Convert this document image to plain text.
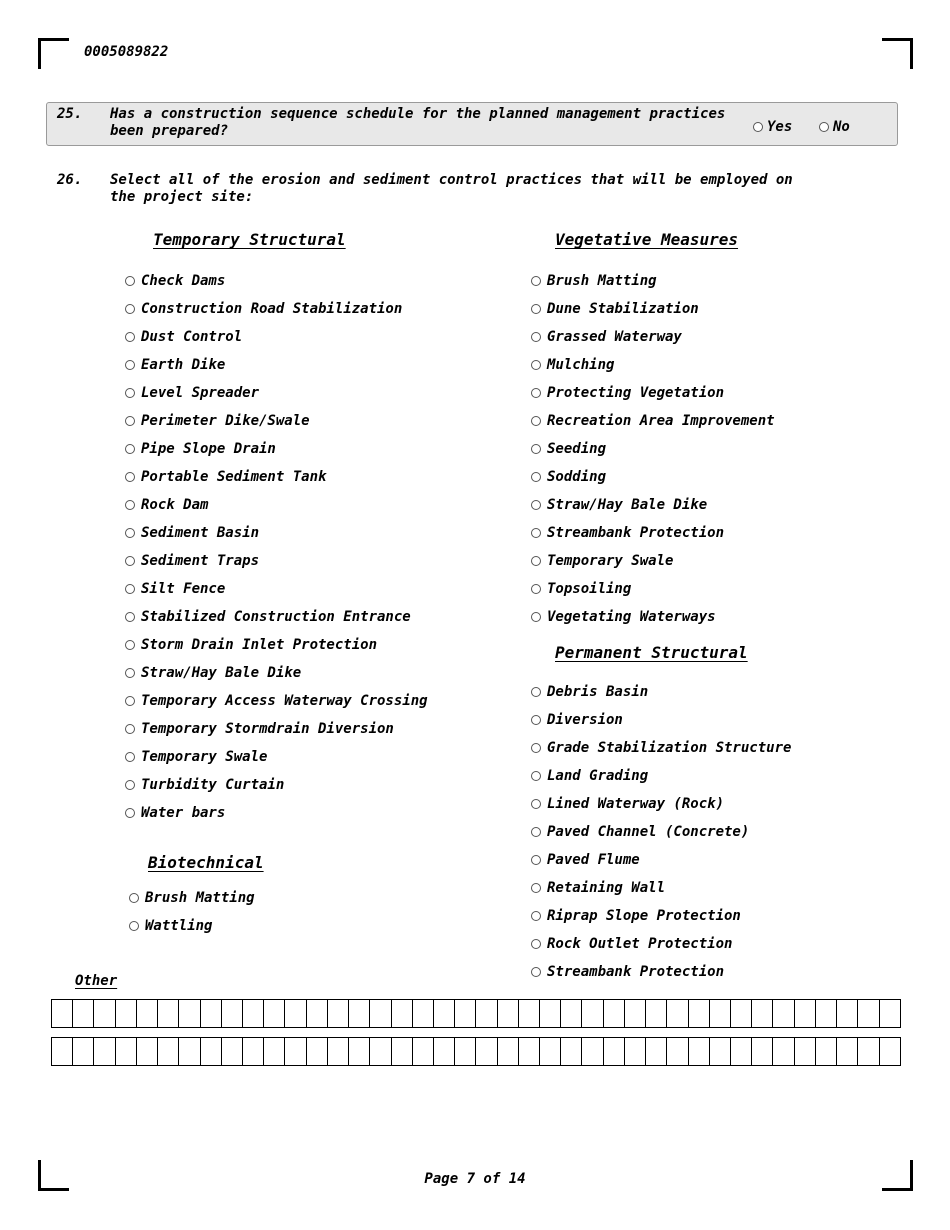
0005089822
25. Has a construction sequence schedule for the planned management practices been prepared?	Yes	No
26. Select all of the erosion and sediment control practices that will be employed on the project site:
Temporary Structural
Check Dams
Construction Road Stabilization
Dust Control
Earth Dike
Level Spreader
Perimeter Dike/Swale
Pipe Slope Drain
Portable Sediment Tank
Rock Dam
Sediment Basin
Sediment Traps
Silt Fence
Stabilized Construction Entrance
Storm Drain Inlet Protection
Straw/Hay Bale Dike
Temporary Access Waterway Crossing
Temporary Stormdrain Diversion
Temporary Swale
Turbidity Curtain
Water bars
Biotechnical
Brush Matting
Wattling
Vegetative Measures
Brush Matting
Dune Stabilization
Grassed Waterway
Mulching
Protecting Vegetation
Recreation Area Improvement
Seeding
Sodding
Straw/Hay Bale Dike
Streambank Protection
Temporary Swale
Topsoiling
Vegetating Waterways
Permanent Structural
Debris Basin
Diversion
Grade Stabilization Structure
Land Grading
Lined Waterway (Rock)
Paved Channel (Concrete)
Paved Flume
Retaining Wall
Riprap Slope Protection
Rock Outlet Protection
Streambank Protection
Other
Page 7 of 14
